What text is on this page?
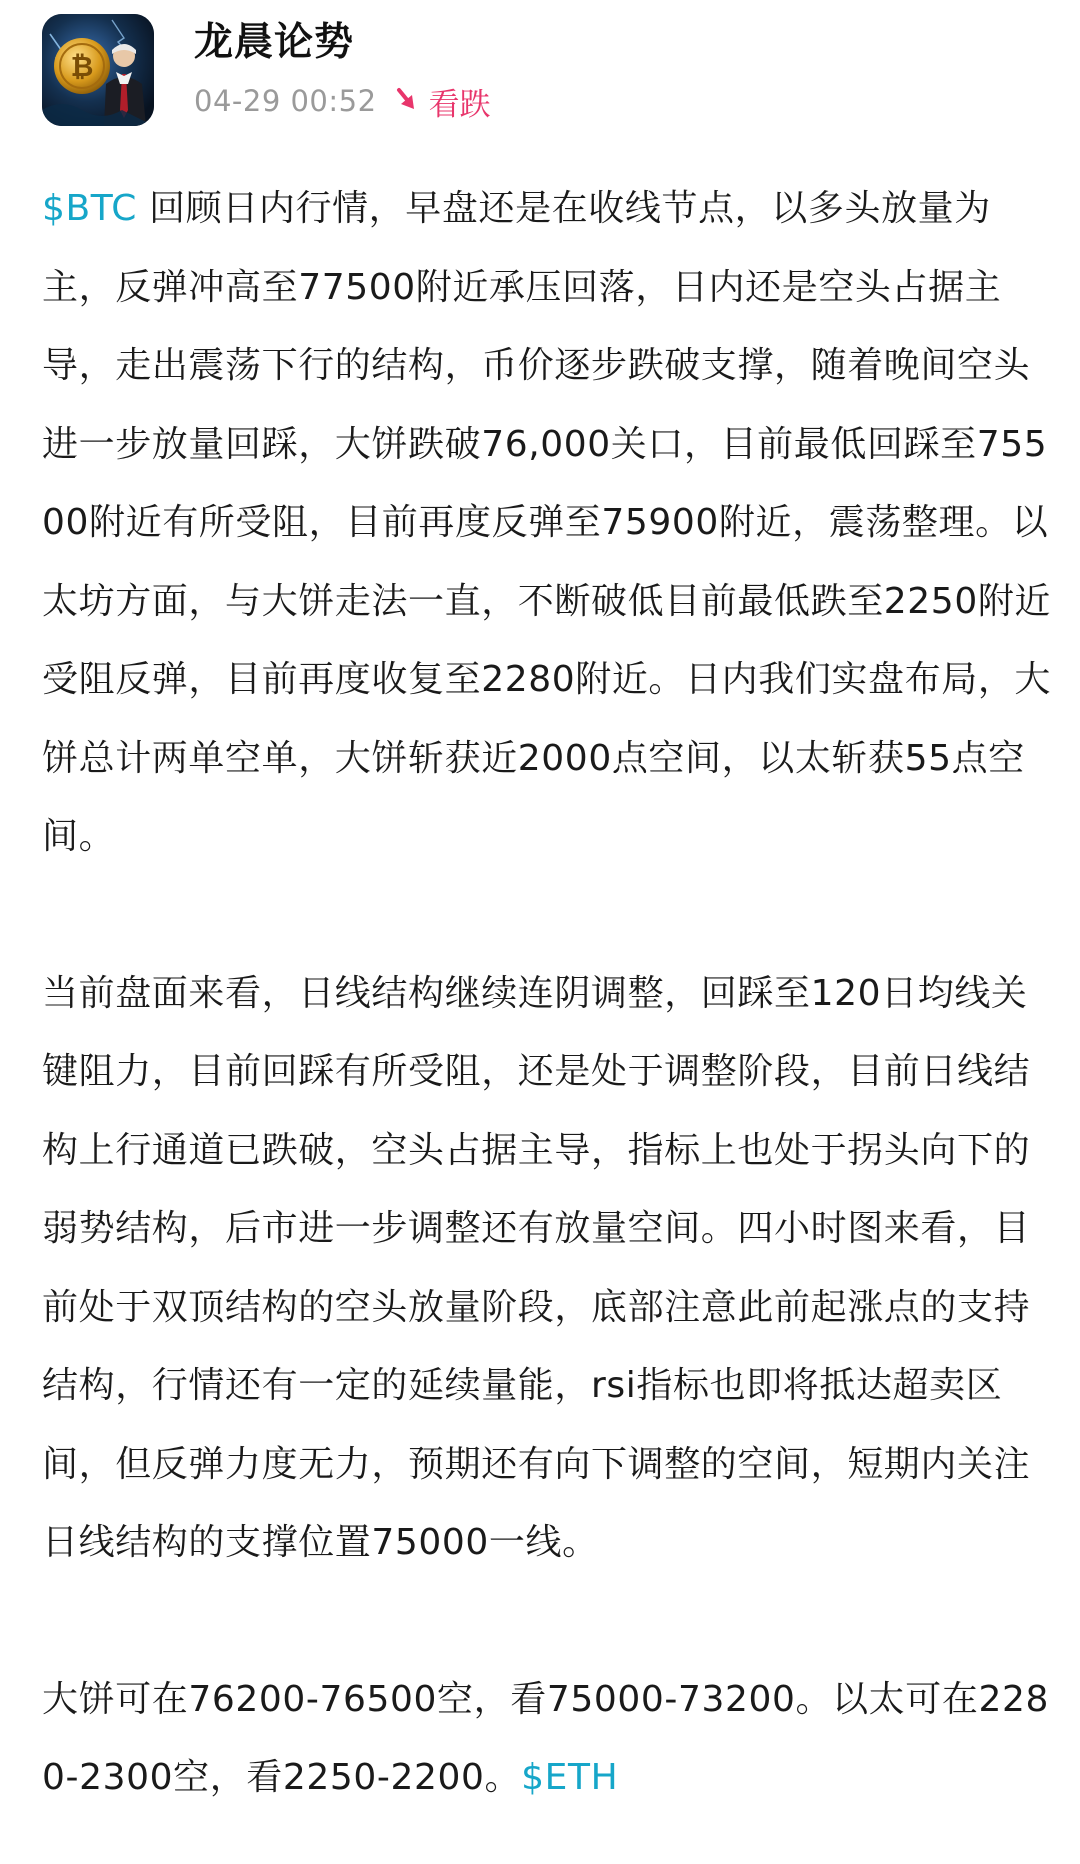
₿
龙晨论势
04-29 00:52 看跌

$BTC 回顾日内行情，早盘还是在收线节点，以多头放量为主，反弹冲高至77500附近承压回落，日内还是空头占据主导，走出震荡下行的结构，币价逐步跌破支撑，随着晚间空头进一步放量回踩，大饼跌破76,000关口，目前最低回踩至75500附近有所受阻，目前再度反弹至75900附近，震荡整理。以太坊方面，与大饼走法一直，不断破低目前最低跌至2250附近受阻反弹，目前再度收复至2280附近。日内我们实盘布局，大饼总计两单空单，大饼斩获近2000点空间，以太斩获55点空间。

当前盘面来看，日线结构继续连阴调整，回踩至120日均线关键阻力，目前回踩有所受阻，还是处于调整阶段，目前日线结构上行通道已跌破，空头占据主导，指标上也处于拐头向下的弱势结构，后市进一步调整还有放量空间。四小时图来看，目前处于双顶结构的空头放量阶段，底部注意此前起涨点的支持结构，行情还有一定的延续量能，rsi指标也即将抵达超卖区间，但反弹力度无力，预期还有向下调整的空间，短期内关注日线结构的支撑位置75000一线。

大饼可在76200-76500空，看75000-73200。以太可在2280-2300空，看2250-2200。$ETH
